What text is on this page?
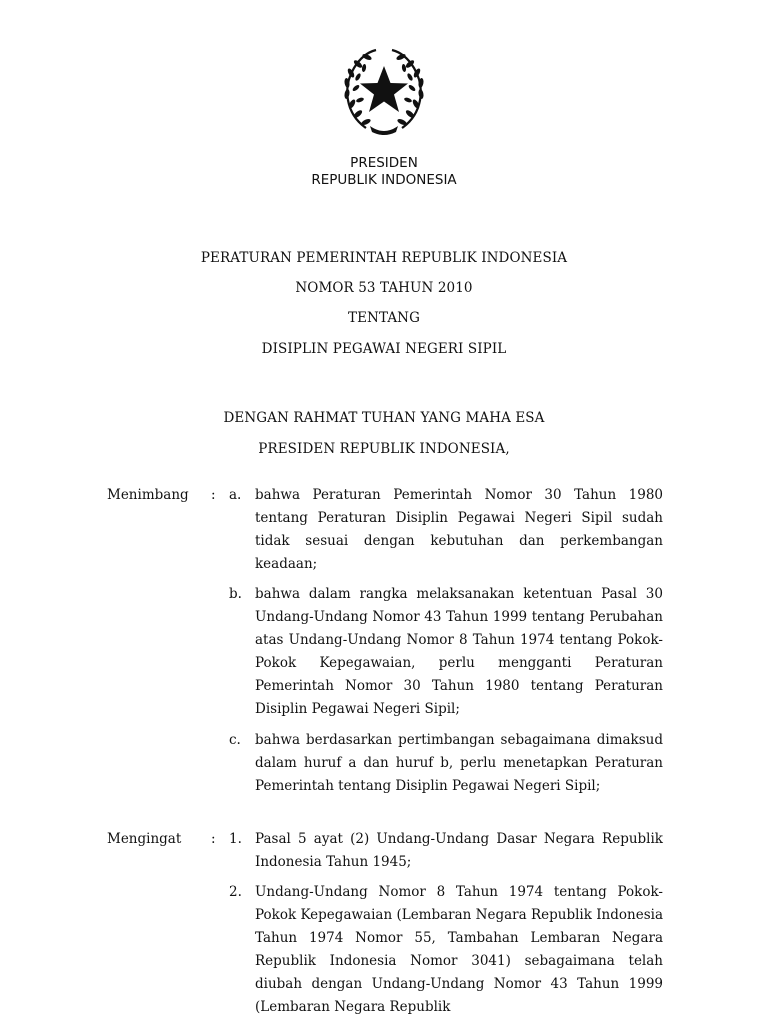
PRESIDEN
REPUBLIK INDONESIA
PERATURAN PEMERINTAH REPUBLIK INDONESIA
NOMOR 53 TAHUN 2010
TENTANG
DISIPLIN PEGAWAI NEGERI SIPIL
DENGAN RAHMAT TUHAN YANG MAHA ESA
PRESIDEN REPUBLIK INDONESIA,
Menimbang : a. bahwa Peraturan Pemerintah Nomor 30 Tahun 1980 tentang Peraturan Disiplin Pegawai Negeri Sipil sudah tidak sesuai dengan kebutuhan dan perkembangan keadaan;
b. bahwa dalam rangka melaksanakan ketentuan Pasal 30 Undang-Undang Nomor 43 Tahun 1999 tentang Perubahan atas Undang-Undang Nomor 8 Tahun 1974 tentang Pokok-Pokok Kepegawaian, perlu mengganti Peraturan Pemerintah Nomor 30 Tahun 1980 tentang Peraturan Disiplin Pegawai Negeri Sipil;
c. bahwa berdasarkan pertimbangan sebagaimana dimaksud dalam huruf a dan huruf b, perlu menetapkan Peraturan Pemerintah tentang Disiplin Pegawai Negeri Sipil;
Mengingat : 1. Pasal 5 ayat (2) Undang-Undang Dasar Negara Republik Indonesia Tahun 1945;
2. Undang-Undang Nomor 8 Tahun 1974 tentang Pokok-Pokok Kepegawaian (Lembaran Negara Republik Indonesia Tahun 1974 Nomor 55, Tambahan Lembaran Negara Republik Indonesia Nomor 3041) sebagaimana telah diubah dengan Undang-Undang Nomor 43 Tahun 1999 (Lembaran Negara Republik
